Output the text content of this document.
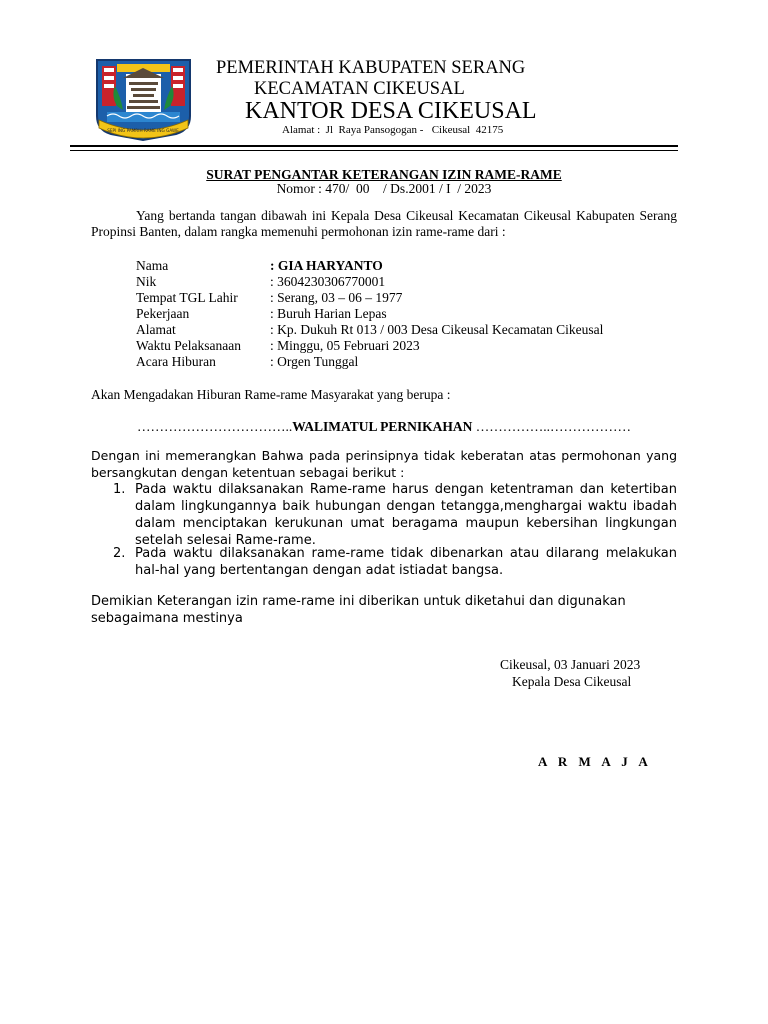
SEPI ING PAMRIH RAME ING GAWE
PEMERINTAH KABUPATEN SERANG
KECAMATAN CIKEUSAL
KANTOR DESA CIKEUSAL
Alamat :  Jl  Raya Pansogogan -   Cikeusal  42175
SURAT PENGANTAR KETERANGAN IZIN RAME-RAME
Nomor : 470/  00    / Ds.2001 / I  / 2023
Yang bertanda tangan dibawah ini Kepala Desa Cikeusal Kecamatan Cikeusal Kabupaten Serang Propinsi Banten, dalam rangka memenuhi permohonan izin rame-rame dari :
Nama	: GIA HARYANTO
Nik	: 3604230306770001
Tempat TGL Lahir : Serang, 03 – 06 – 1977
Pekerjaan	: Buruh Harian Lepas
Alamat	: Kp. Dukuh Rt 013 / 003 Desa Cikeusal Kecamatan Cikeusal
Waktu Pelaksanaan : Minggu, 05 Februari 2023
Acara Hiburan	: Orgen Tunggal
Akan Mengadakan Hiburan Rame-rame Masyarakat yang berupa :
……………………………..WALIMATUL PERNIKAHAN ……………..………………
Dengan ini memerangkan Bahwa pada perinsipnya tidak keberatan atas permohonan yang bersangkutan dengan ketentuan sebagai berikut :
1. Pada waktu dilaksanakan Rame-rame harus dengan ketentraman dan ketertiban dalam lingkungannya baik hubungan dengan tetangga,menghargai waktu ibadah dalam menciptakan kerukunan umat beragama maupun kebersihan lingkungan setelah selesai Rame-rame.
2. Pada waktu dilaksanakan rame-rame tidak dibenarkan atau dilarang melakukan hal-hal yang bertentangan dengan adat istiadat bangsa.
Demikian Keterangan izin rame-rame ini diberikan untuk diketahui dan digunakan sebagaimana mestinya
Cikeusal, 03 Januari 2023
Kepala Desa Cikeusal
A R M A J A
